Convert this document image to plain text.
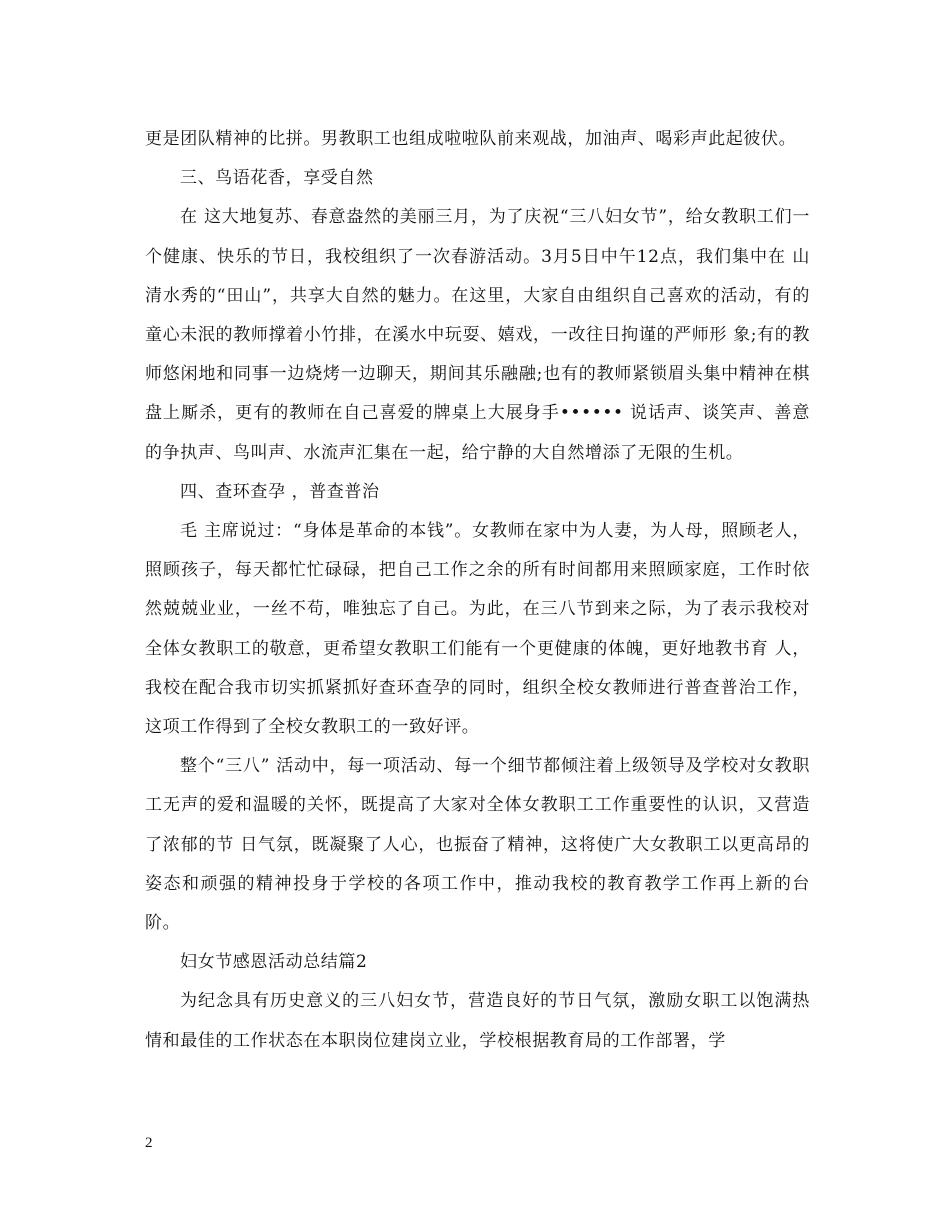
更是团队精神的比拼。男教职工也组成啦啦队前来观战，加油声、喝彩声此起彼伏。

三、鸟语花香，享受自然

在 这大地复苏、春意盎然的美丽三月，为了庆祝“三八妇女节”，给女教职工们一个健康、快乐的节日，我校组织了一次春游活动。3月5日中午12点，我们集中在 山清水秀的“田山”，共享大自然的魅力。在这里，大家自由组织自己喜欢的活动，有的童心未泯的教师撑着小竹排，在溪水中玩耍、嬉戏，一改往日拘谨的严师形 象;有的教师悠闲地和同事一边烧烤一边聊天，期间其乐融融;也有的教师紧锁眉头集中精神在棋盘上厮杀，更有的教师在自己喜爱的牌桌上大展身手•••••• 说话声、谈笑声、善意的争执声、鸟叫声、水流声汇集在一起，给宁静的大自然增添了无限的生机。

四、查环查孕 ，普查普治

毛 主席说过：“身体是革命的本钱”。女教师在家中为人妻，为人母，照顾老人，照顾孩子，每天都忙忙碌碌，把自己工作之余的所有时间都用来照顾家庭，工作时依 然兢兢业业，一丝不苟，唯独忘了自己。为此，在三八节到来之际，为了表示我校对全体女教职工的敬意，更希望女教职工们能有一个更健康的体魄，更好地教书育 人，我校在配合我市切实抓紧抓好查环查孕的同时，组织全校女教师进行普查普治工作，这项工作得到了全校女教职工的一致好评。

整个“三八” 活动中，每一项活动、每一个细节都倾注着上级领导及学校对女教职工无声的爱和温暖的关怀，既提高了大家对全体女教职工工作重要性的认识，又营造了浓郁的节 日气氛，既凝聚了人心，也振奋了精神，这将使广大女教职工以更高昂的姿态和顽强的精神投身于学校的各项工作中，推动我校的教育教学工作再上新的台阶。

妇女节感恩活动总结篇2

为纪念具有历史意义的三八妇女节，营造良好的节日气氛，激励女职工以饱满热情和最佳的工作状态在本职岗位建岗立业，学校根据教育局的工作部署，学

2
